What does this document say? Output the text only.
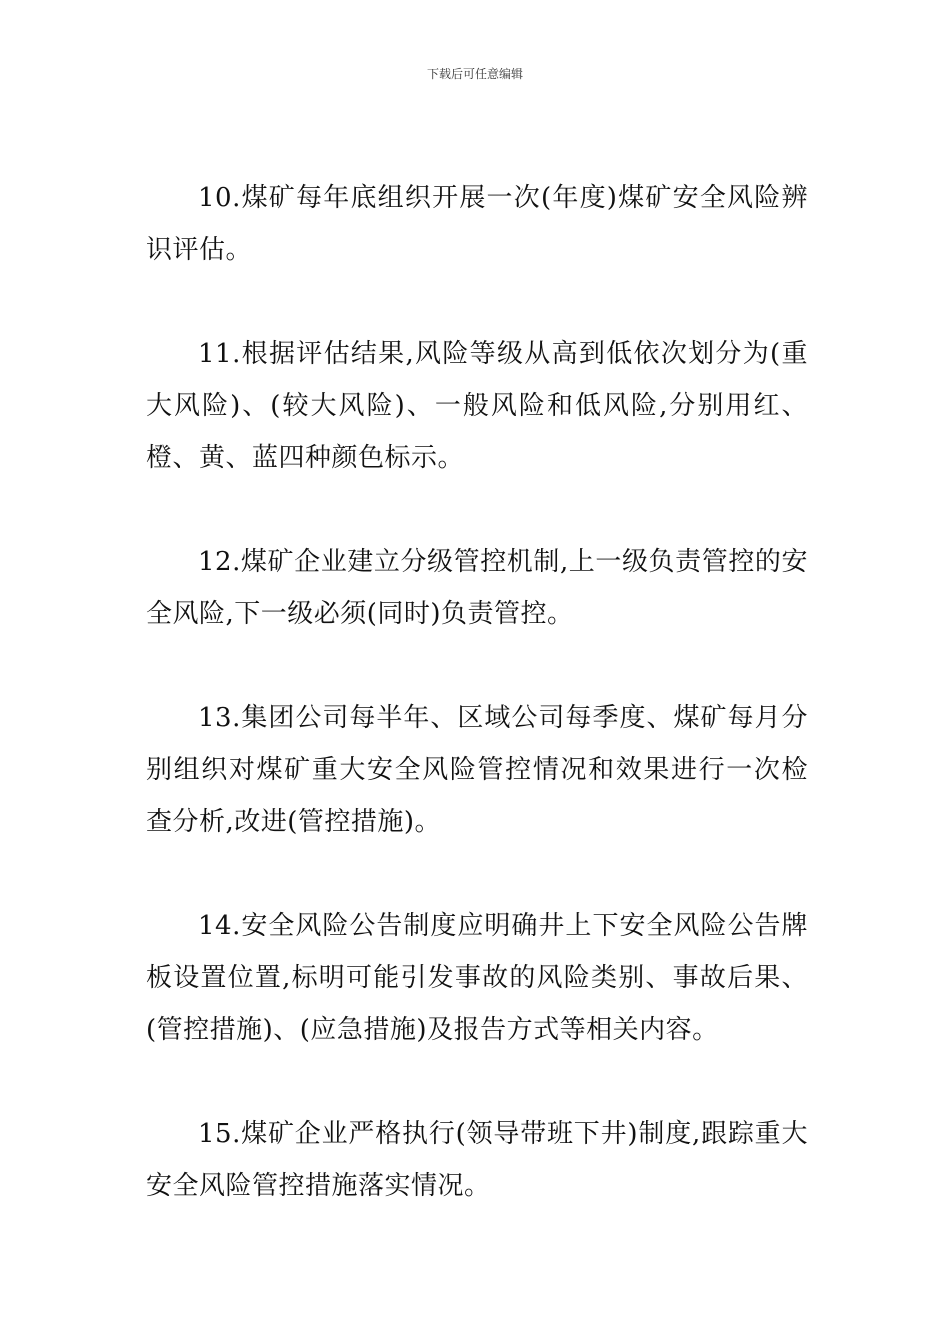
下载后可任意编辑

10.煤矿每年底组织开展一次(年度)煤矿安全风险辨识评估。

11.根据评估结果,风险等级从高到低依次划分为(重大风险)、(较大风险)、一般风险和低风险,分别用红、橙、黄、蓝四种颜色标示。

12.煤矿企业建立分级管控机制,上一级负责管控的安全风险,下一级必须(同时)负责管控。

13.集团公司每半年、区域公司每季度、煤矿每月分别组织对煤矿重大安全风险管控情况和效果进行一次检查分析,改进(管控措施)。

14.安全风险公告制度应明确井上下安全风险公告牌板设置位置,标明可能引发事故的风险类别、事故后果、(管控措施)、(应急措施)及报告方式等相关内容。

15.煤矿企业严格执行(领导带班下井)制度,跟踪重大安全风险管控措施落实情况。
